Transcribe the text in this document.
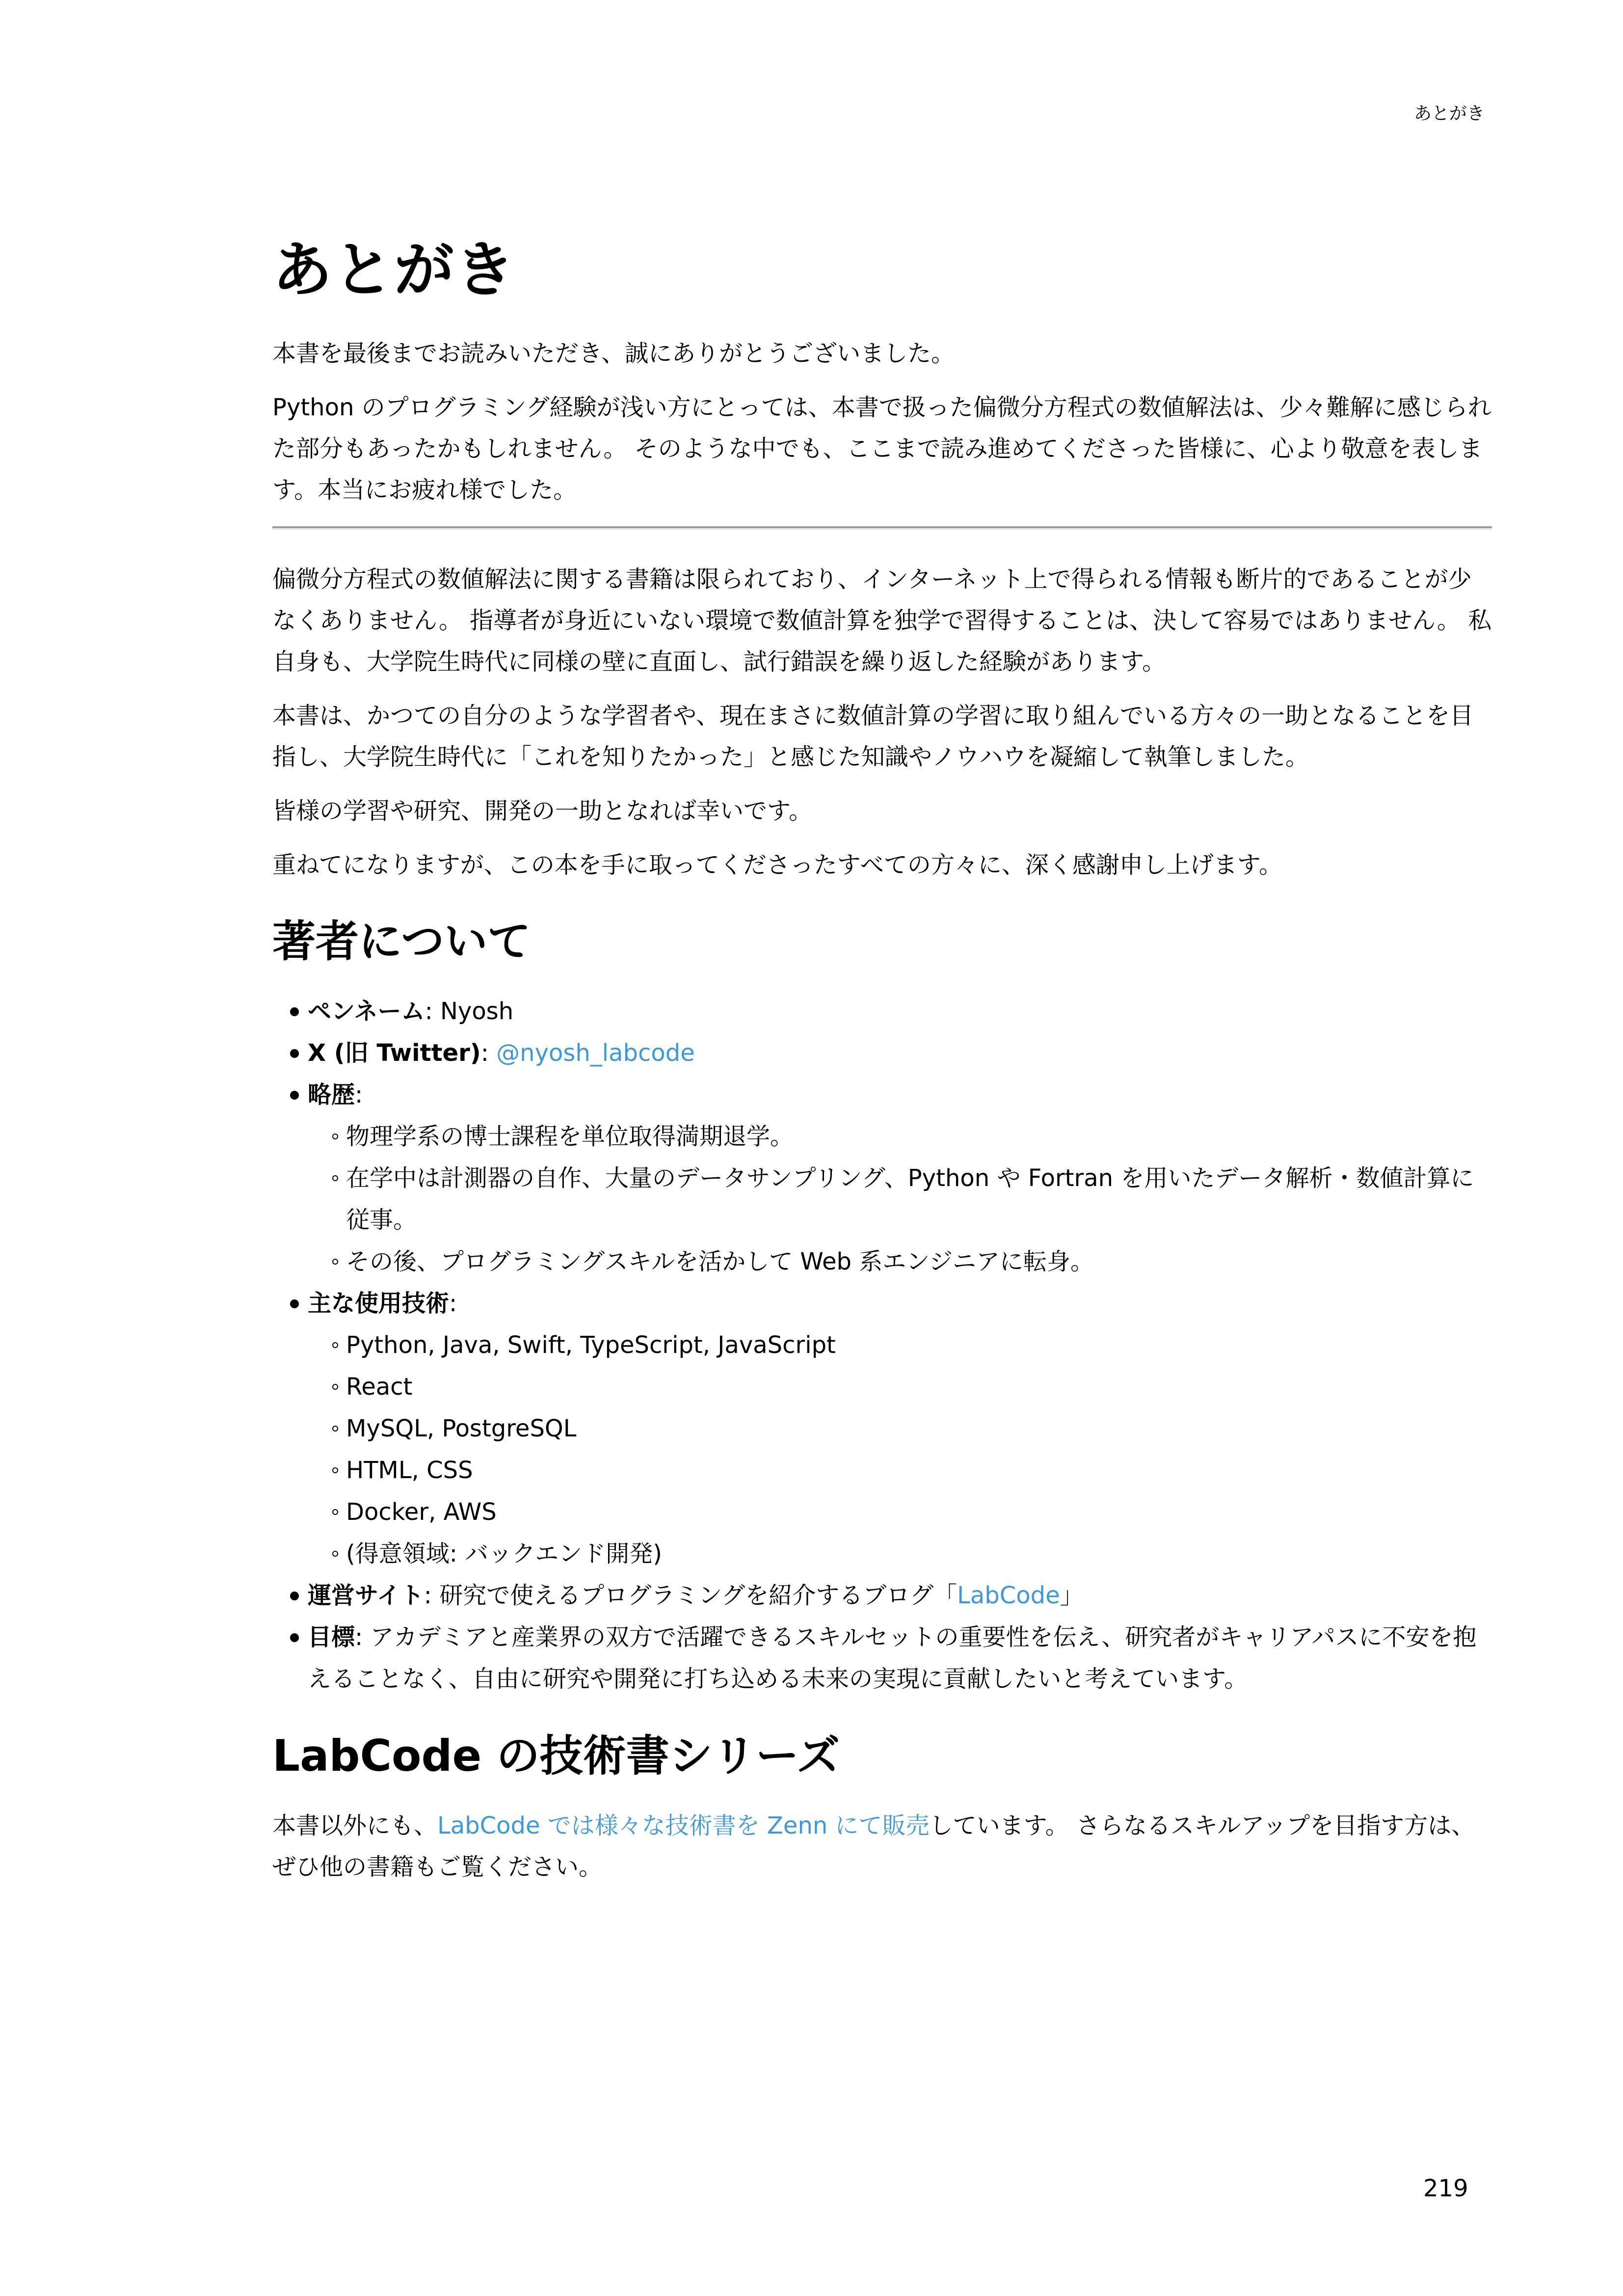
あとがき
あとがき

本書を最後までお読みいただき、誠にありがとうございました。

Python のプログラミング経験が浅い方にとっては、本書で扱った偏微分方程式の数値解法は、少々難解に感じられた部分もあったかもしれません。 そのような中でも、ここまで読み進めてくださった皆様に、心より敬意を表します。本当にお疲れ様でした。

偏微分方程式の数値解法に関する書籍は限られており、インターネット上で得られる情報も断片的であることが少なくありません。 指導者が身近にいない環境で数値計算を独学で習得することは、決して容易ではありません。 私自身も、大学院生時代に同様の壁に直面し、試行錯誤を繰り返した経験があります。

本書は、かつての自分のような学習者や、現在まさに数値計算の学習に取り組んでいる方々の一助となることを目指し、大学院生時代に「これを知りたかった」と感じた知識やノウハウを凝縮して執筆しました。

皆様の学習や研究、開発の一助となれば幸いです。

重ねてになりますが、この本を手に取ってくださったすべての方々に、深く感謝申し上げます。

著者について
ペンネーム: Nyosh
X (旧 Twitter): @nyosh_labcode
略歴:
物理学系の博士課程を単位取得満期退学。
在学中は計測器の自作、大量のデータサンプリング、Python や Fortran を用いたデータ解析・数値計算に従事。
その後、プログラミングスキルを活かして Web 系エンジニアに転身。
主な使用技術:
Python, Java, Swift, TypeScript, JavaScript
React
MySQL, PostgreSQL
HTML, CSS
Docker, AWS
(得意領域: バックエンド開発)
運営サイト: 研究で使えるプログラミングを紹介するブログ「LabCode」
目標: アカデミアと産業界の双方で活躍できるスキルセットの重要性を伝え、研究者がキャリアパスに不安を抱えることなく、自由に研究や開発に打ち込める未来の実現に貢献したいと考えています。
LabCode の技術書シリーズ

本書以外にも、LabCode では様々な技術書を Zenn にて販売しています。 さらなるスキルアップを目指す方は、ぜひ他の書籍もご覧ください。

219
